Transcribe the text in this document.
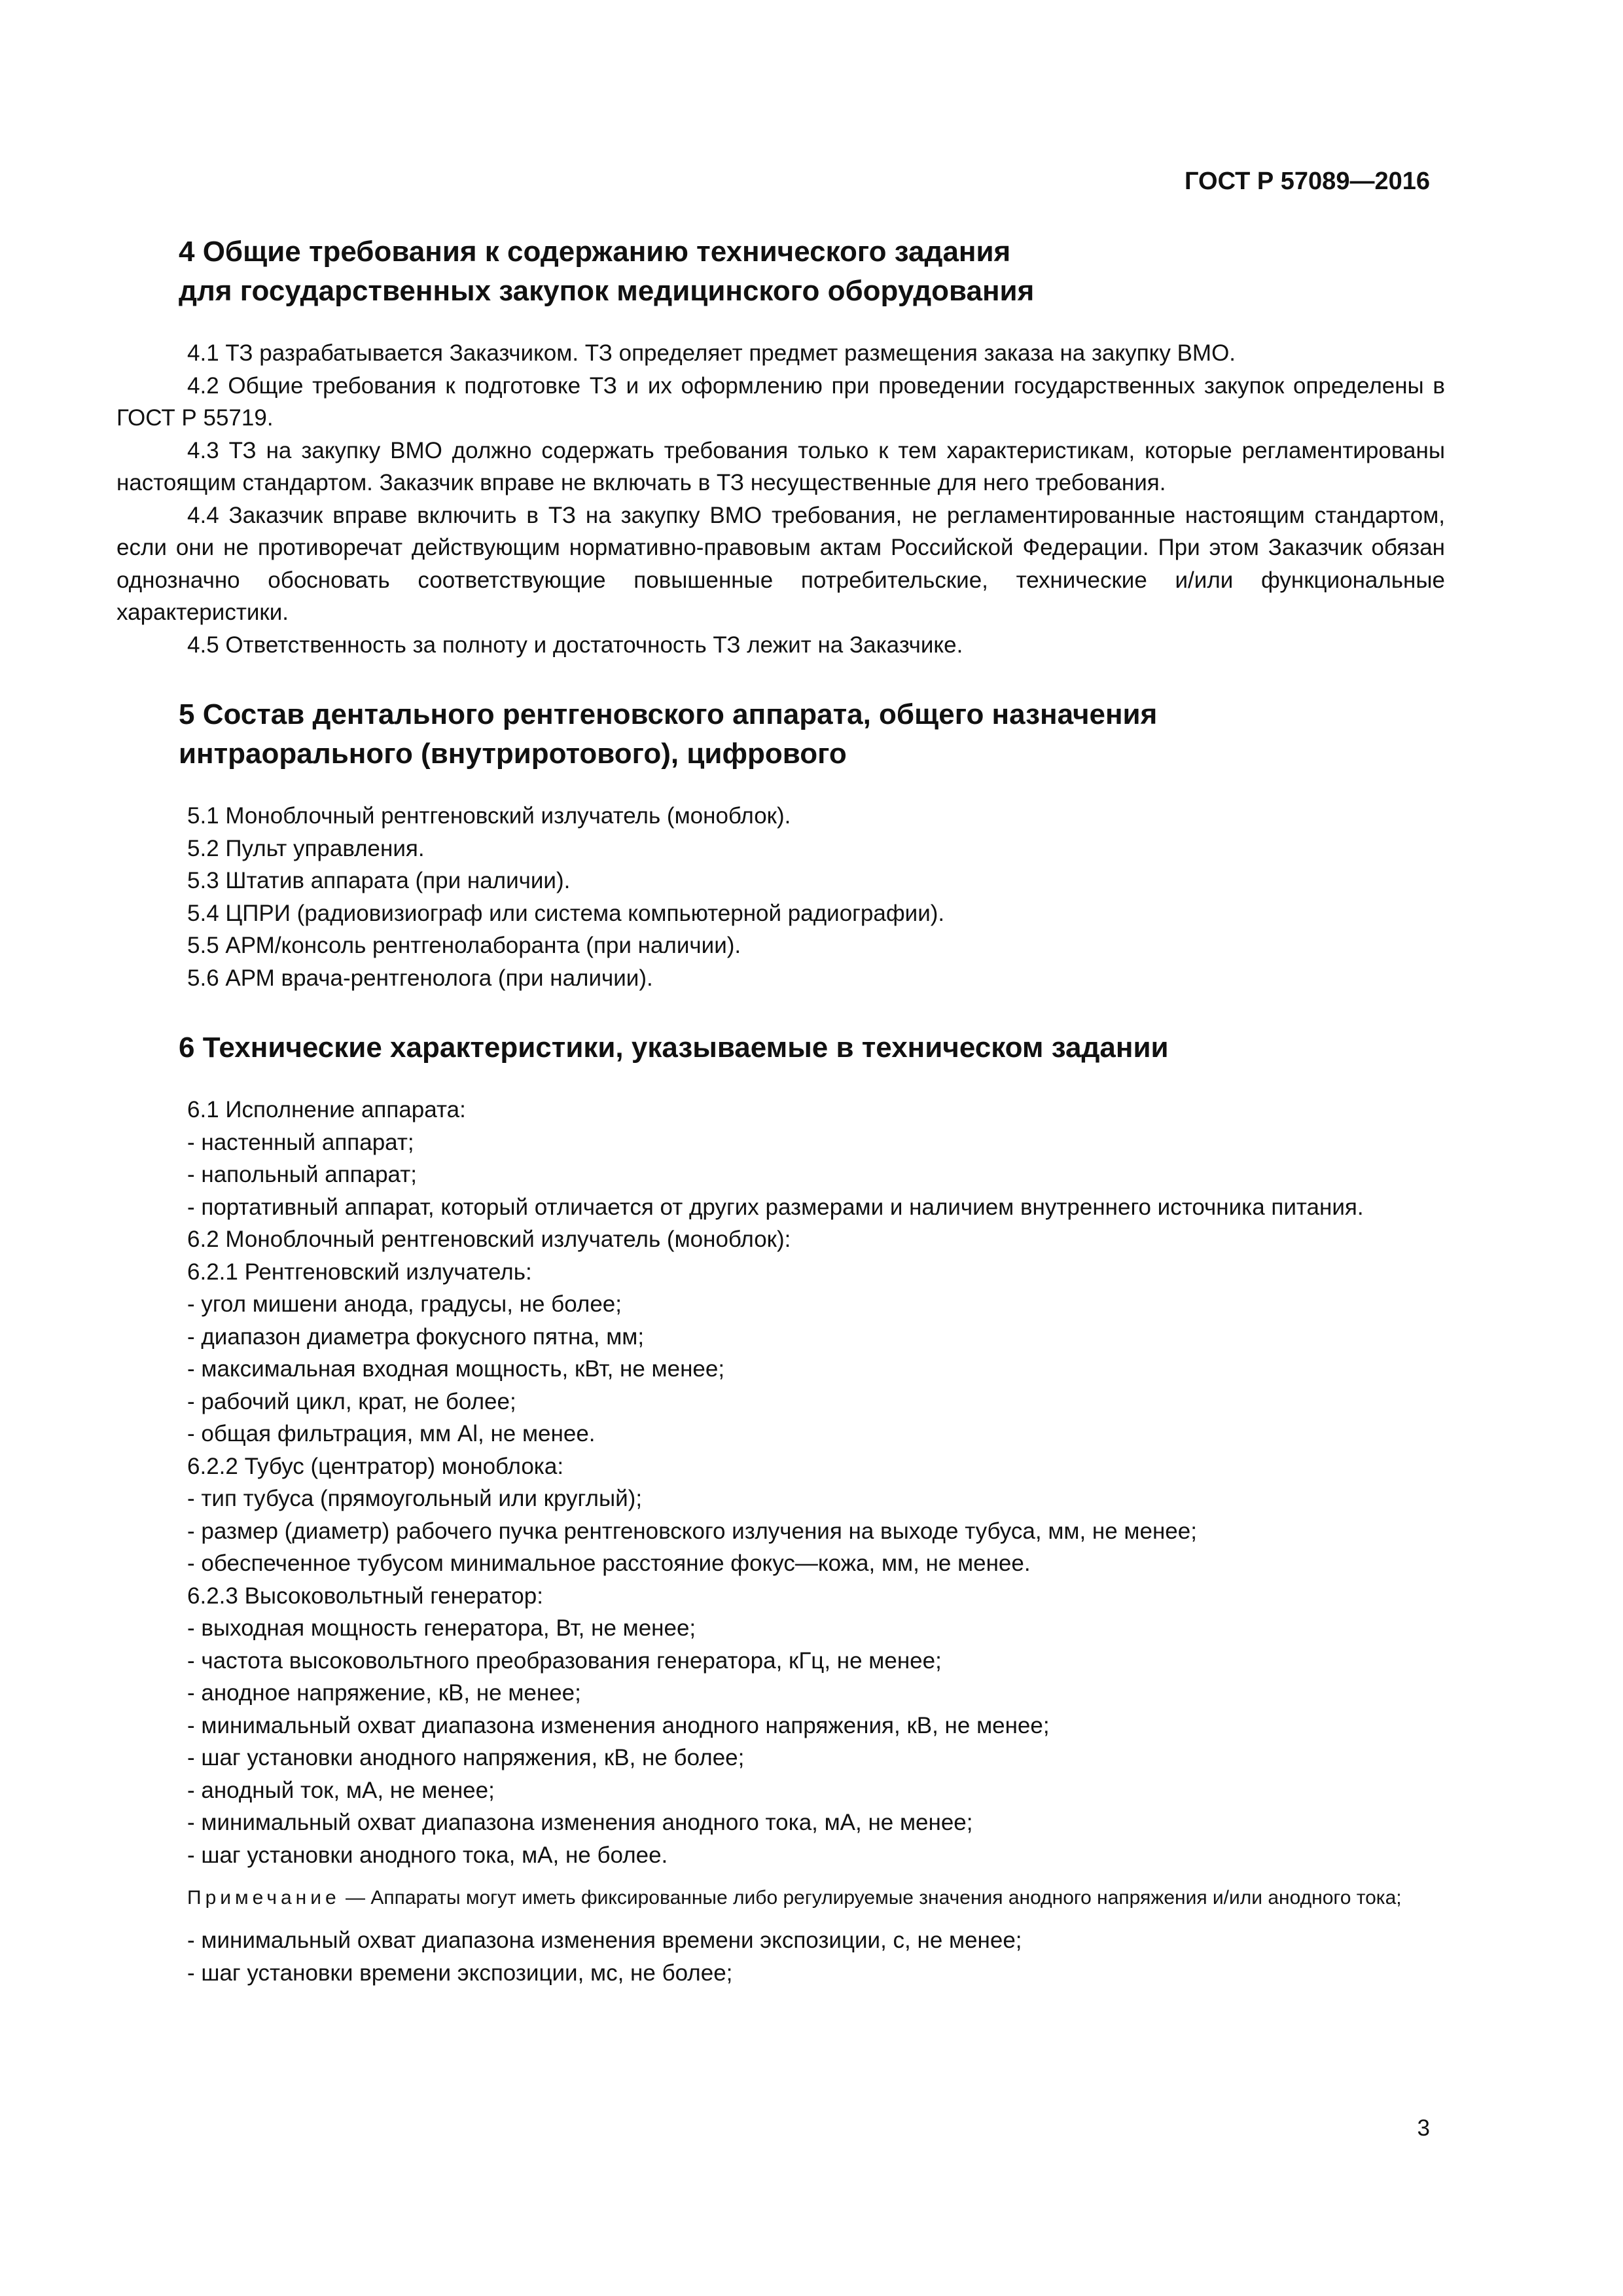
ГОСТ Р 57089—2016
4 Общие требования к содержанию технического задания
для государственных закупок медицинского оборудования

4.1 ТЗ разрабатывается Заказчиком. ТЗ определяет предмет размещения заказа на закупку ВМО.

4.2 Общие требования к подготовке ТЗ и их оформлению при проведении государственных закупок определены в ГОСТ Р 55719.

4.3 ТЗ на закупку ВМО должно содержать требования только к тем характеристикам, которые регламентированы настоящим стандартом. Заказчик вправе не включать в ТЗ несущественные для него требования.

4.4 Заказчик вправе включить в ТЗ на закупку ВМО требования, не регламентированные настоящим стандартом, если они не противоречат действующим нормативно-правовым актам Российской Федерации. При этом Заказчик обязан однозначно обосновать соответствующие повышенные потребительские, технические и/или функциональные характеристики.

4.5 Ответственность за полноту и достаточность ТЗ лежит на Заказчике.

5 Состав дентального рентгеновского аппарата, общего назначения
интраорального (внутриротового), цифрового

5.1 Моноблочный рентгеновский излучатель (моноблок).

5.2 Пульт управления.

5.3 Штатив аппарата (при наличии).

5.4 ЦПРИ (радиовизиограф или система компьютерной радиографии).

5.5 АРМ/консоль рентгенолаборанта (при наличии).

5.6 АРМ врача-рентгенолога (при наличии).

6 Технические характеристики, указываемые в техническом задании

6.1 Исполнение аппарата:

- настенный аппарат;

- напольный аппарат;

- портативный аппарат, который отличается от других размерами и наличием внутреннего источника питания.

6.2 Моноблочный рентгеновский излучатель (моноблок):

6.2.1 Рентгеновский излучатель:

- угол мишени анода, градусы, не более;

- диапазон диаметра фокусного пятна, мм;

- максимальная входная мощность, кВт, не менее;

- рабочий цикл, крат, не более;

- общая фильтрация, мм Al, не менее.

6.2.2 Тубус (центратор) моноблока:

- тип тубуса (прямоугольный или круглый);

- размер (диаметр) рабочего пучка рентгеновского излучения на выходе тубуса, мм, не менее;

- обеспеченное тубусом минимальное расстояние фокус—кожа, мм, не менее.

6.2.3 Высоковольтный генератор:

- выходная мощность генератора, Вт, не менее;

- частота высоковольтного преобразования генератора, кГц, не менее;

- анодное напряжение, кВ, не менее;

- минимальный охват диапазона изменения анодного напряжения, кВ, не менее;

- шаг установки анодного напряжения, кВ, не более;

- анодный ток, мА, не менее;

- минимальный охват диапазона изменения анодного тока, мА, не менее;

- шаг установки анодного тока, мА, не более.

Примечание — Аппараты могут иметь фиксированные либо регулируемые значения анодного напряжения и/или анодного тока;

- минимальный охват диапазона изменения времени экспозиции, с, не менее;

- шаг установки времени экспозиции, мс, не более;

3
